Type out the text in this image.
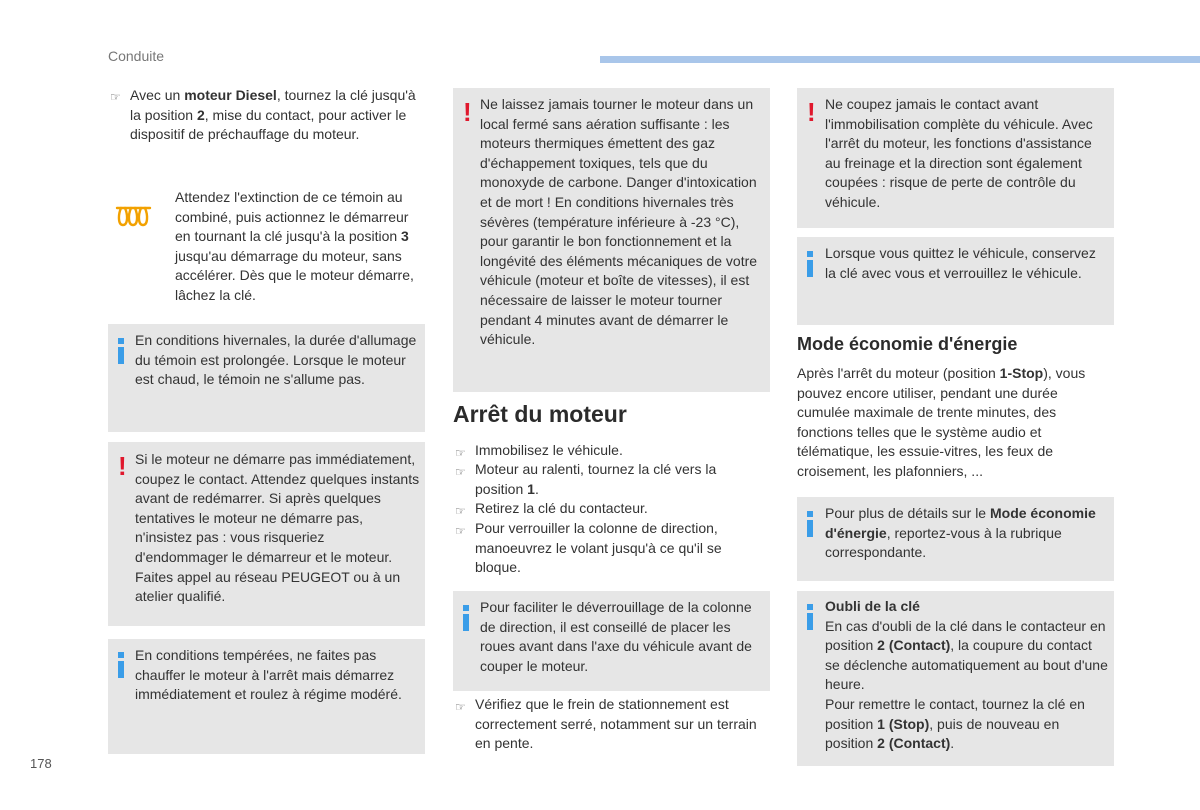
Conduite
☞ Avec un moteur Diesel, tournez la clé jusqu'à la position 2, mise du contact, pour activer le dispositif de préchauffage du moteur.
Attendez l'extinction de ce témoin au combiné, puis actionnez le démarreur en tournant la clé jusqu'à la position 3 jusqu'au démarrage du moteur, sans accélérer. Dès que le moteur démarre, lâchez la clé.
En conditions hivernales, la durée d'allumage du témoin est prolongée. Lorsque le moteur est chaud, le témoin ne s'allume pas.
! Si le moteur ne démarre pas immédiatement, coupez le contact. Attendez quelques instants avant de redémarrer. Si après quelques tentatives le moteur ne démarre pas, n'insistez pas : vous risqueriez d'endommager le démarreur et le moteur. Faites appel au réseau PEUGEOT ou à un atelier qualifié.
En conditions tempérées, ne faites pas chauffer le moteur à l'arrêt mais démarrez immédiatement et roulez à régime modéré.
! Ne laissez jamais tourner le moteur dans un local fermé sans aération suffisante : les moteurs thermiques émettent des gaz d'échappement toxiques, tels que du monoxyde de carbone. Danger d'intoxication et de mort ! En conditions hivernales très sévères (température inférieure à -23 °C), pour garantir le bon fonctionnement et la longévité des éléments mécaniques de votre véhicule (moteur et boîte de vitesses), il est nécessaire de laisser le moteur tourner pendant 4 minutes avant de démarrer le véhicule.
Arrêt du moteur
☞ Immobilisez le véhicule.
☞ Moteur au ralenti, tournez la clé vers la position 1.
☞ Retirez la clé du contacteur.
☞ Pour verrouiller la colonne de direction, manoeuvrez le volant jusqu'à ce qu'il se bloque.
Pour faciliter le déverrouillage de la colonne de direction, il est conseillé de placer les roues avant dans l'axe du véhicule avant de couper le moteur.
☞ Vérifiez que le frein de stationnement est correctement serré, notamment sur un terrain en pente.
! Ne coupez jamais le contact avant l'immobilisation complète du véhicule. Avec l'arrêt du moteur, les fonctions d'assistance au freinage et la direction sont également coupées : risque de perte de contrôle du véhicule.
Lorsque vous quittez le véhicule, conservez la clé avec vous et verrouillez le véhicule.
Mode économie d'énergie
Après l'arrêt du moteur (position 1-Stop), vous pouvez encore utiliser, pendant une durée cumulée maximale de trente minutes, des fonctions telles que le système audio et télématique, les essuie-vitres, les feux de croisement, les plafonniers, ...
Pour plus de détails sur le Mode économie d'énergie, reportez-vous à la rubrique correspondante.
Oubli de la clé
En cas d'oubli de la clé dans le contacteur en position 2 (Contact), la coupure du contact se déclenche automatiquement au bout d'une heure.
Pour remettre le contact, tournez la clé en position 1 (Stop), puis de nouveau en position 2 (Contact).
178
